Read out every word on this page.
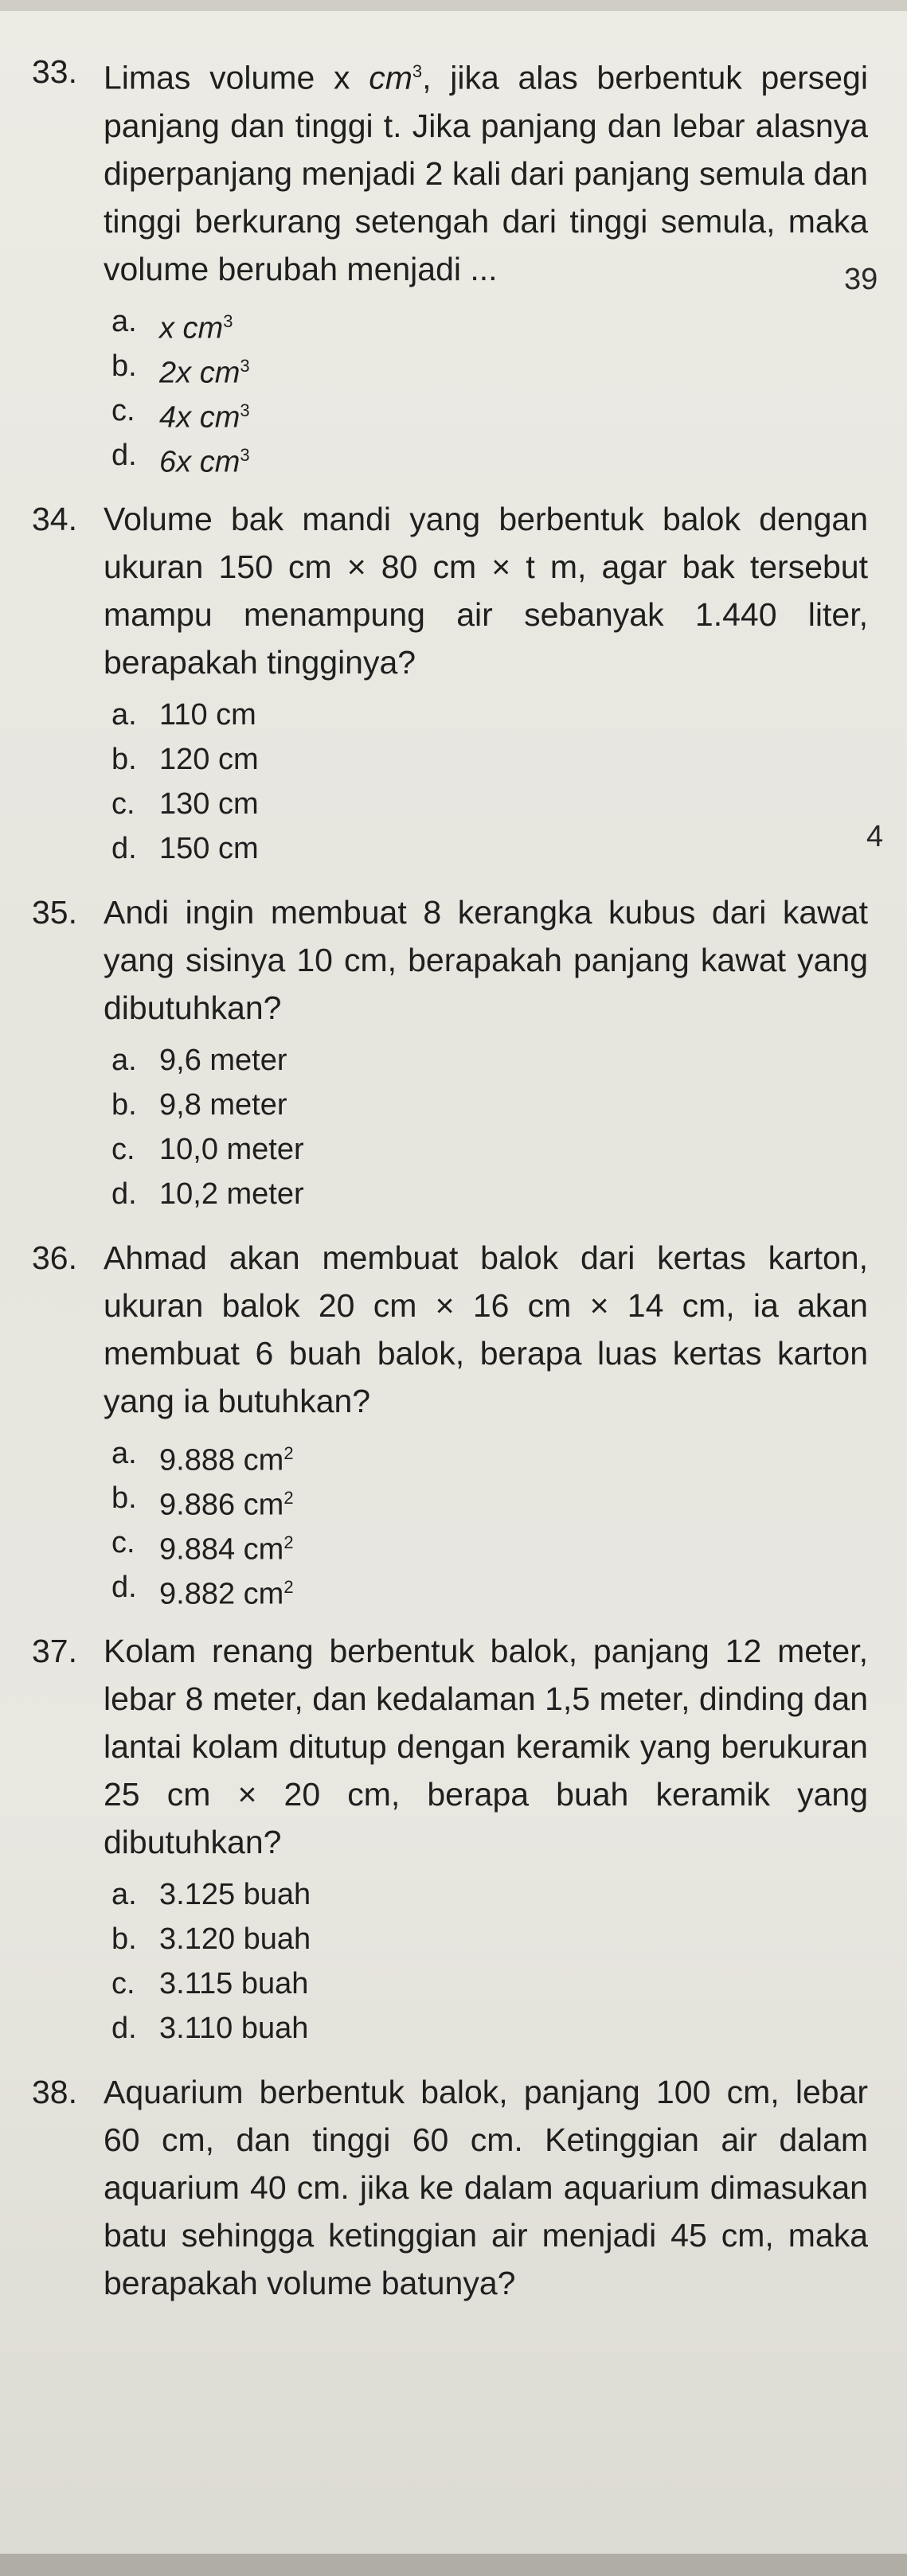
39
4
33. Limas volume x $cm^3$, jika alas berbentuk persegi panjang dan tinggi t. Jika panjang dan lebar alasnya diperpanjang menjadi 2 kali dari panjang semula dan tinggi berkurang setengah dari tinggi semula, maka volume berubah menjadi ...
a. x $cm^3$
b. 2x $cm^3$
c. 4x $cm^3$
d. 6x $cm^3$
34. Volume bak mandi yang berbentuk balok dengan ukuran 150 cm × 80 cm × t m, agar bak tersebut mampu menampung air sebanyak 1.440 liter, berapakah tingginya?
a. 110 cm
b. 120 cm
c. 130 cm
d. 150 cm
35. Andi ingin membuat 8 kerangka kubus dari kawat yang sisinya 10 cm, berapakah panjang kawat yang dibutuhkan?
a. 9,6 meter
b. 9,8 meter
c. 10,0 meter
d. 10,2 meter
36. Ahmad akan membuat balok dari kertas karton, ukuran balok 20 cm × 16 cm × 14 cm, ia akan membuat 6 buah balok, berapa luas kertas karton yang ia butuhkan?
a. 9.888 $cm^2$
b. 9.886 $cm^2$
c. 9.884 $cm^2$
d. 9.882 $cm^2$
37. Kolam renang berbentuk balok, panjang 12 meter, lebar 8 meter, dan kedalaman 1,5 meter, dinding dan lantai kolam ditutup dengan keramik yang berukuran 25 cm × 20 cm, berapa buah keramik yang dibutuhkan?
a. 3.125 buah
b. 3.120 buah
c. 3.115 buah
d. 3.110 buah
38. Aquarium berbentuk balok, panjang 100 cm, lebar 60 cm, dan tinggi 60 cm. Ketinggian air dalam aquarium 40 cm. jika ke dalam aquarium dimasukan batu sehingga ketinggian air menjadi 45 cm, maka berapakah volume batunya?
